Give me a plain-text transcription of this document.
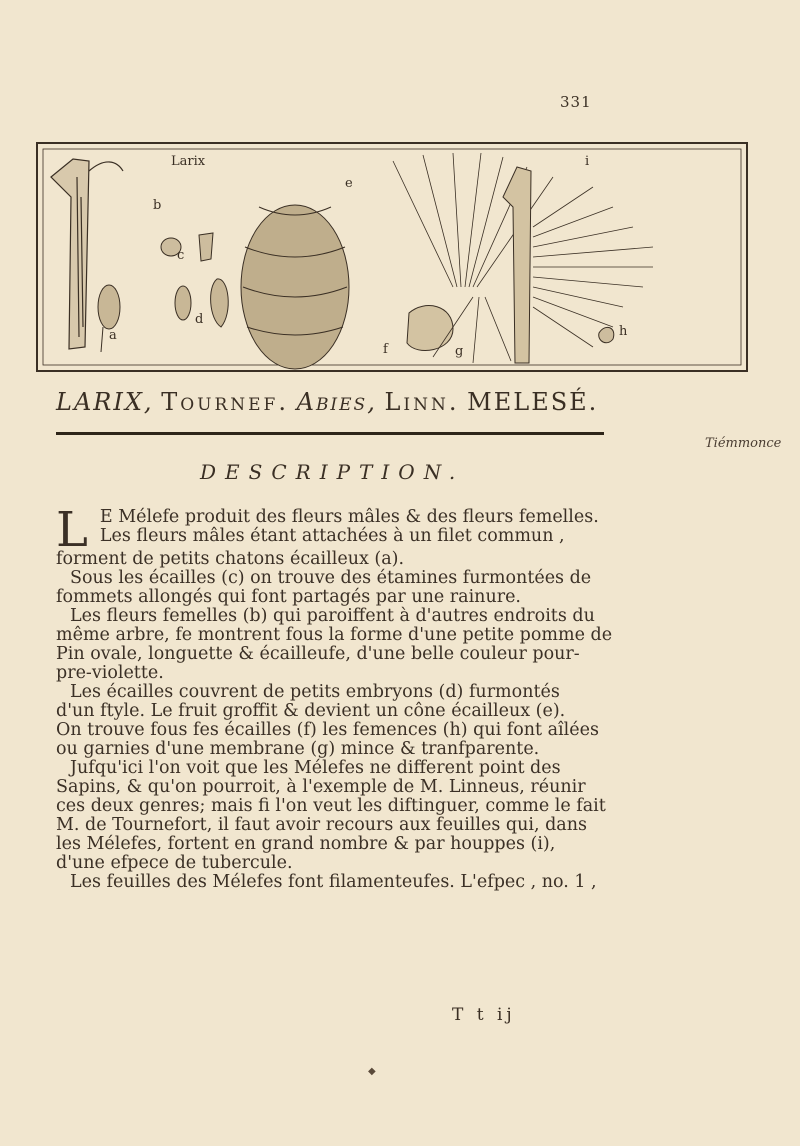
331
Larix
b
c
d
a
e
f	g
h
i
LARIX, Tournef. Abies, Linn. MELESÉ.
Tiémmonce
DESCRIPTION.
L E Mélefe produit des fleurs mâles & des fleurs femelles.

Les fleurs mâles étant attachées à un filet commun ,

forment de petits chatons écailleux (a).

Sous les écailles (c) on trouve des étamines furmontées de

fommets allongés qui font partagés par une rainure.

Les fleurs femelles (b) qui paroiffent à d'autres endroits du

même arbre, fe montrent fous la forme d'une petite pomme de

Pin ovale, longuette & écailleufe, d'une belle couleur pour-

pre-violette.

Les écailles couvrent de petits embryons (d) furmontés

d'un ftyle. Le fruit groffit & devient un cône écailleux (e).

On trouve fous fes écailles (f) les femences (h) qui font aîlées

ou garnies d'une membrane (g) mince & tranfparente.

Jufqu'ici l'on voit que les Mélefes ne different point des

Sapins, & qu'on pourroit, à l'exemple de M. Linneus, réunir

ces deux genres; mais fi l'on veut les diftinguer, comme le fait

M. de Tournefort, il faut avoir recours aux feuilles qui, dans

les Mélefes, fortent en grand nombre & par houppes (i),

d'une efpece de tubercule.

Les feuilles des Mélefes font filamenteufes. L'efpec , no. 1 ,

T t ij
◆
